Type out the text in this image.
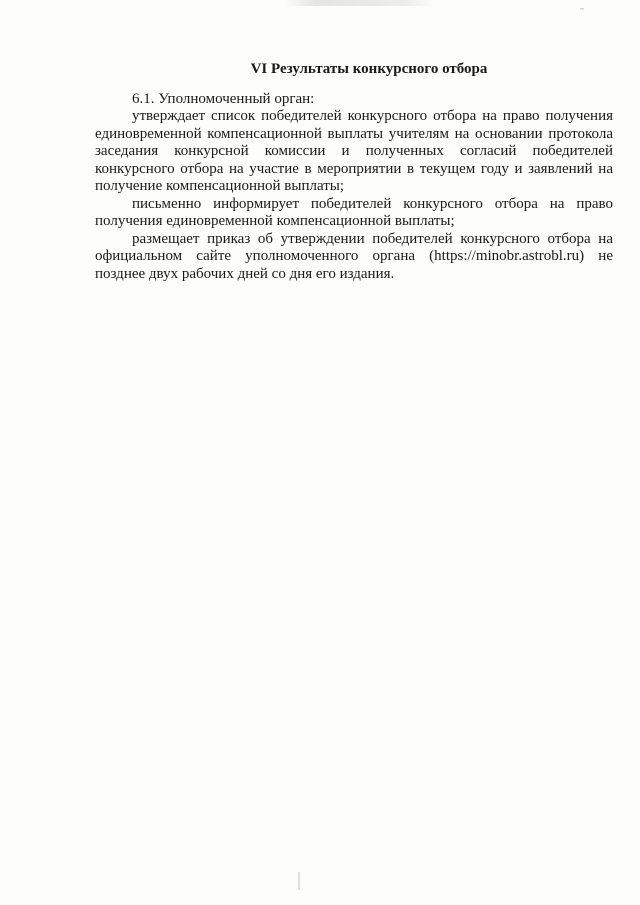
,,
VI Результаты конкурсного отбора

6.1. Уполномоченный орган:

утверждает список победителей конкурсного отбора на право получения единовременной компенсационной выплаты учителям на основании протокола заседания конкурсной комиссии и полученных согласий победителей конкурсного отбора на участие в мероприятии в текущем году и заявлений на получение компенсационной выплаты;

письменно информирует победителей конкурсного отбора на право получения единовременной компенсационной выплаты;

размещает приказ об утверждении победителей конкурсного отбора на официальном сайте уполномоченного органа (https://minobr.astrobl.ru) не позднее двух рабочих дней со дня его издания.
